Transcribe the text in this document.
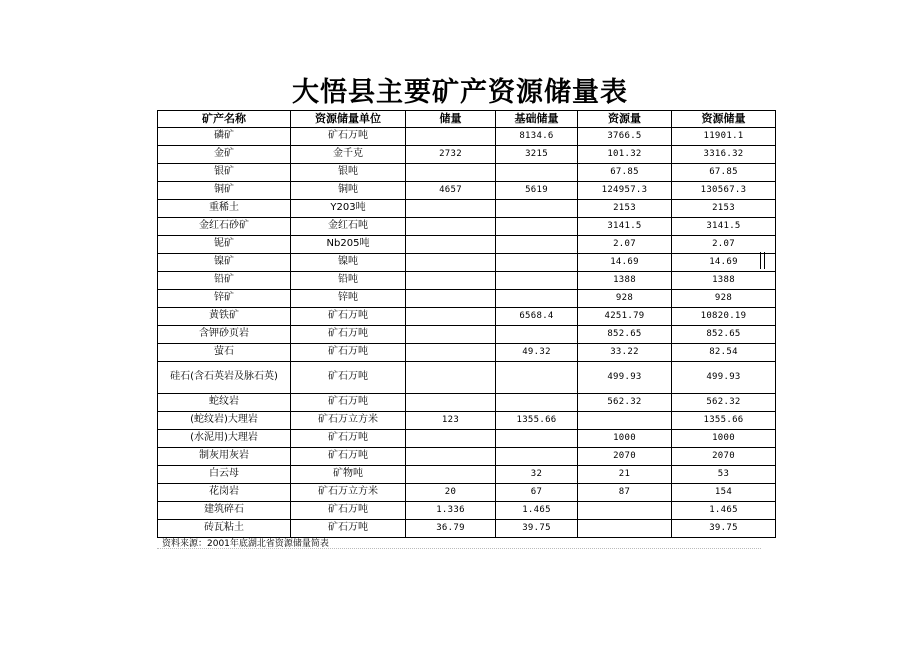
大悟县主要矿产资源储量表
矿产名称	资源储量单位	储量	基础储量	资源量	资源储量
磷矿	矿石万吨		8134.6	3766.5	11901.1
金矿	金千克	2732	3215	101.32	3316.32
银矿	银吨			67.85	67.85
铜矿	铜吨	4657	5619	124957.3	130567.3
重稀土	Y203吨			2153	2153
金红石砂矿	金红石吨			3141.5	3141.5
铌矿	Nb205吨			2.07	2.07
镍矿	镍吨			14.69	14.69
铅矿	铅吨			1388	1388
锌矿	锌吨			928	928
黄铁矿	矿石万吨		6568.4	4251.79	10820.19
含钾砂页岩	矿石万吨			852.65	852.65
萤石	矿石万吨		49.32	33.22	82.54
硅石(含石英岩及脉石英)	矿石万吨			499.93	499.93
蛇纹岩	矿石万吨			562.32	562.32
(蛇纹岩)大理岩	矿石万立方米	123	1355.66		1355.66
(水泥用)大理岩	矿石万吨			1000	1000
制灰用灰岩	矿石万吨			2070	2070
白云母	矿物吨		32	21	53
花岗岩	矿石万立方米	20	67	87	154
建筑碎石	矿石万吨	1.336	1.465		1.465
砖瓦粘土	矿石万吨	36.79	39.75		39.75
资料来源：2001年底湖北省资源储量简表
